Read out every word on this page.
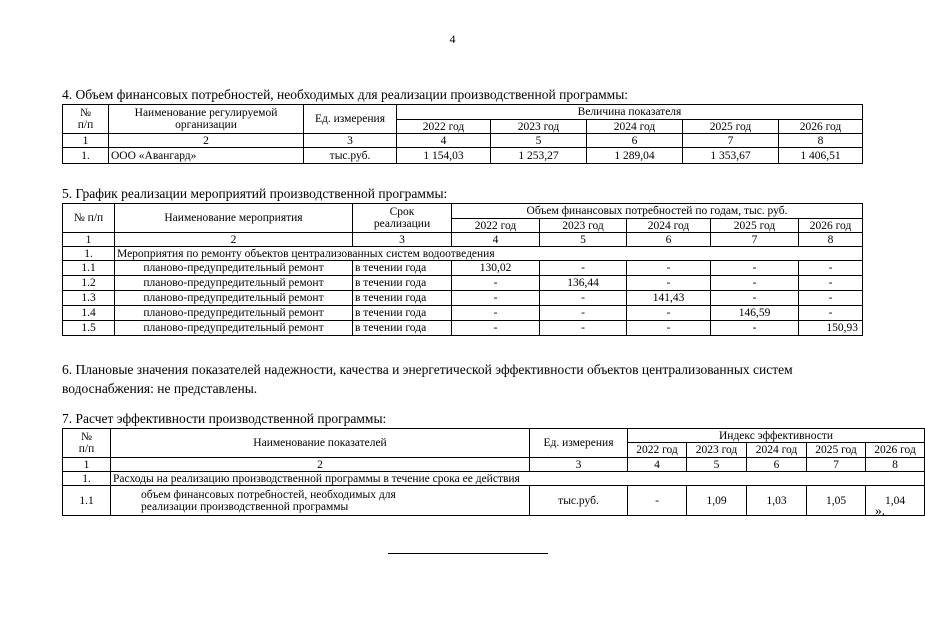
4
4. Объем финансовых потребностей, необходимых для реализации производственной программы:
№
п/п	Наименование регулируемой
организации	Ед. измерения	Величина показателя				
			2022 год	2023 год	2024 год	2025 год	2026 год
1	2	3	4	5	6	7	8
1.	ООО «Авангард»	тыс.руб.	1 154,03	1 253,27	1 289,04	1 353,67	1 406,51
5. График реализации мероприятий производственной программы:
№ п/п	Наименование мероприятия	Срок
реализации	Объем финансовых потребностей по годам, тыс. руб.				
			2022 год	2023 год	2024 год	2025 год	2026 год
1	2	3	4	5	6	7	8
1.	Мероприятия по ремонту объектов централизованных систем водоотведения						
1.1	планово-предупредительный ремонт	в течении года	130,02	-	-	-	-
1.2	планово-предупредительный ремонт	в течении года	-	136,44	-	-	-
1.3	планово-предупредительный ремонт	в течении года	-	-	141,43	-	-
1.4	планово-предупредительный ремонт	в течении года	-	-	-	146,59	-
1.5	планово-предупредительный ремонт	в течении года	-	-	-	-	150,93
6. Плановые значения показателей надежности, качества и энергетической эффективности объектов централизованных систем водоснабжения: не представлены.
7. Расчет эффективности производственной программы:
№
п/п	Наименование показателей	Ед. измерения	Индекс эффективности				
			2022 год	2023 год	2024 год	2025 год	2026 год
1	2	3	4	5	6	7	8
1.	Расходы на реализацию производственной программы в течение срока ее действия						
1.1	объем финансовых потребностей, необходимых для
реализации производственной программы	тыс.руб.	-	1,09	1,03	1,05	1,04
».
